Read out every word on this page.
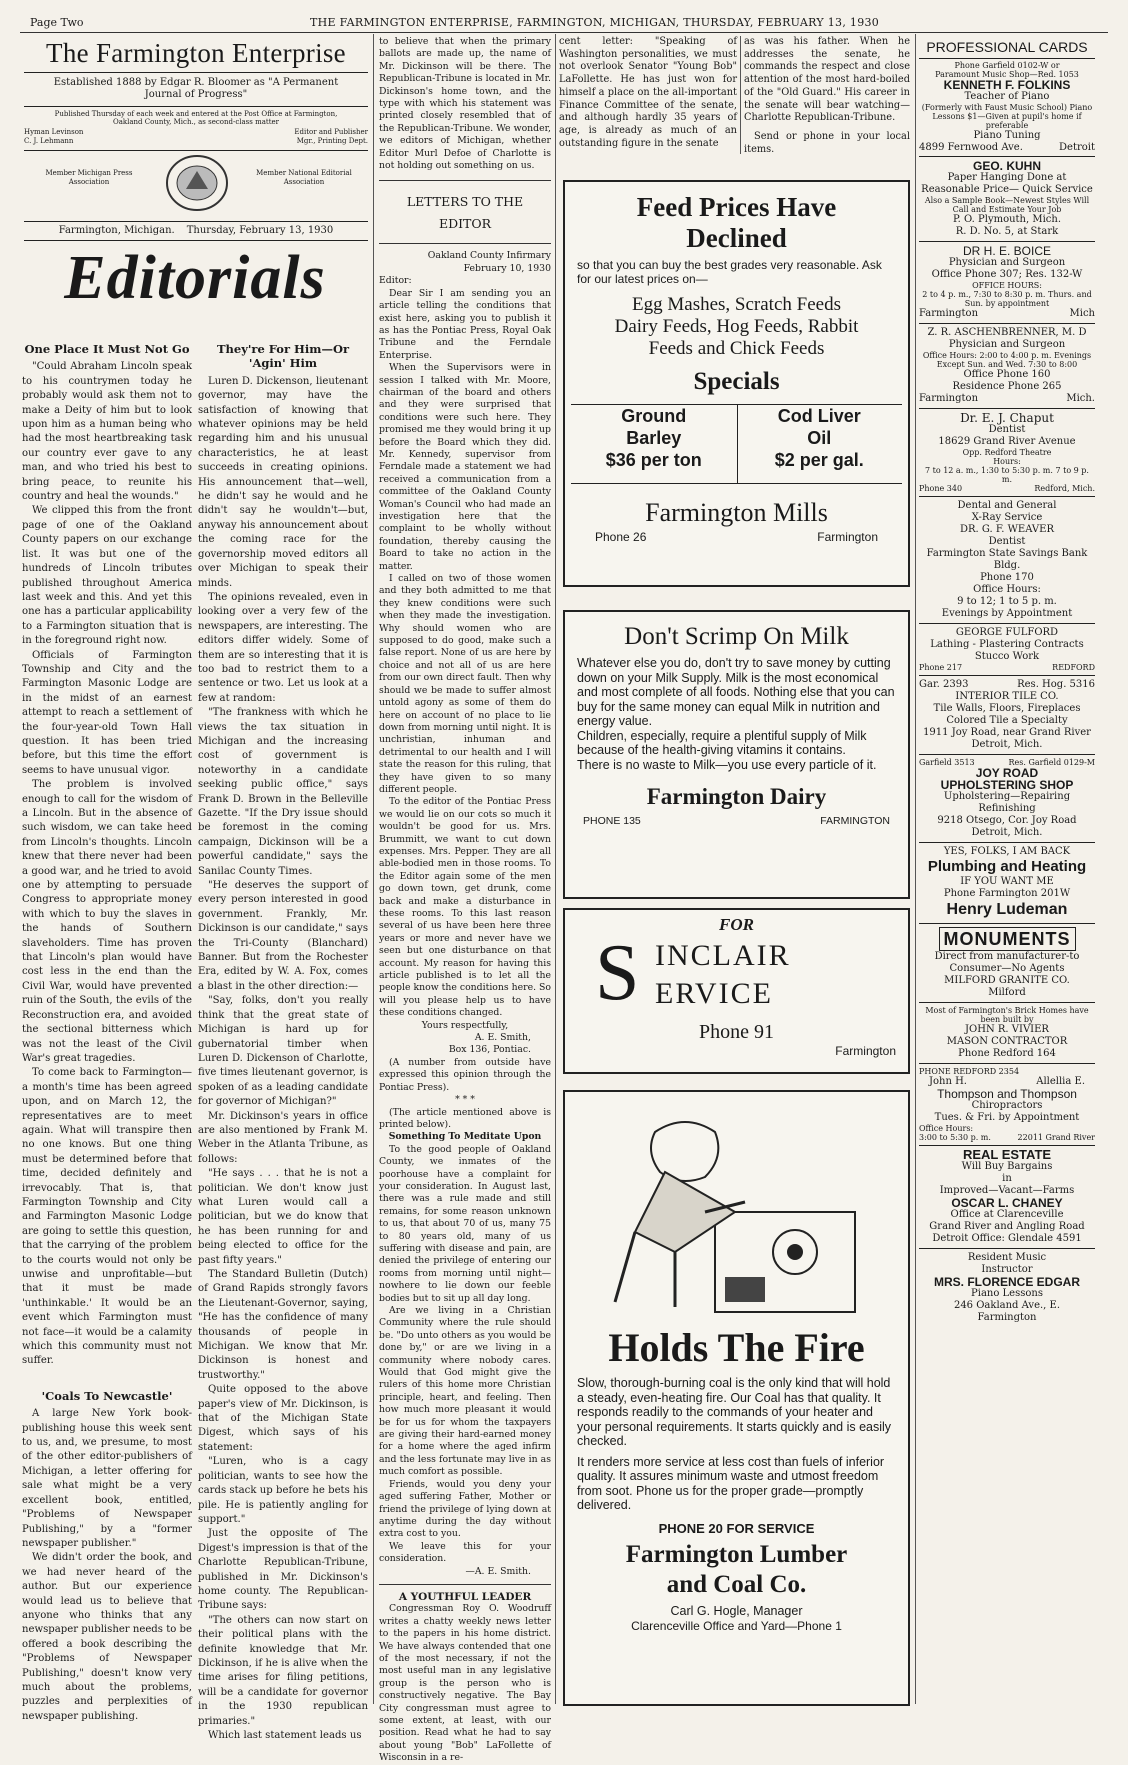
Page Two	THE FARMINGTON ENTERPRISE, FARMINGTON, MICHIGAN, THURSDAY, FEBRUARY 13, 1930
The Farmington Enterprise
Established 1888 by Edgar R. Bloomer as "A Permanent Journal of Progress"
Published Thursday of each week and entered at the Post Office at Farmington, Oakland County, Mich., as second-class matter
Hyman Levinson	Editor and Publisher
C. J. Lehmann	Mgr., Printing Dept.
Member Michigan Press Association
Member National Editorial Association
Farmington, Michigan. Thursday, February 13, 1930
Editorials
One Place It Must Not Go

"Could Abraham Lincoln speak to his countrymen today he probably would ask them not to make a Deity of him but to look upon him as a human being who had the most heartbreaking task our country ever gave to any man, and who tried his best to bring peace, to reunite his country and heal the wounds."

We clipped this from the front page of one of the Oakland County papers on our exchange list. It was but one of the hundreds of Lincoln tributes published throughout America last week and this. And yet this one has a particular applicability to a Farmington situation that is in the foreground right now.

Officials of Farmington Township and City and the Farmington Masonic Lodge are in the midst of an earnest attempt to reach a settlement of the four-year-old Town Hall question. It has been tried before, but this time the effort seems to have unusual vigor.

The problem is involved enough to call for the wisdom of a Lincoln. But in the absence of such wisdom, we can take heed from Lincoln's thoughts. Lincoln knew that there never had been a good war, and he tried to avoid one by attempting to persuade Congress to appropriate money with which to buy the slaves in the hands of Southern slaveholders. Time has proven that Lincoln's plan would have cost less in the end than the Civil War, would have prevented ruin of the South, the evils of the Reconstruction era, and avoided the sectional bitterness which was not the least of the Civil War's great tragedies.

To come back to Farmington—a month's time has been agreed upon, and on March 12, the representatives are to meet again. What will transpire then no one knows. But one thing must be determined before that time, decided definitely and irrevocably. That is, that Farmington Township and City and Farmington Masonic Lodge are going to settle this question, that the carrying of the problem to the courts would not only be unwise and unprofitable—but that it must be made 'unthinkable.' It would be an event which Farmington must not face—it would be a calamity which this community must not suffer.

'Coals To Newcastle'

A large New York book-publishing house this week sent to us, and, we presume, to most of the other editor-publishers of Michigan, a letter offering for sale what might be a very excellent book, entitled, "Problems of Newspaper Publishing," by a "former newspaper publisher."

We didn't order the book, and we had never heard of the author. But our experience would lead us to believe that anyone who thinks that any newspaper publisher needs to be offered a book describing the "Problems of Newspaper Publishing," doesn't know very much about the problems, puzzles and perplexities of newspaper publishing.

They're For Him—Or 'Agin' Him

Luren D. Dickenson, lieutenant governor, may have the satisfaction of knowing that whatever opinions may be held regarding him and his unusual characteristics, he at least succeeds in creating opinions. His announcement that—well, he didn't say he would and he didn't say he wouldn't—but, anyway his announcement about the coming race for the governorship moved editors all over Michigan to speak their minds.

The opinions revealed, even in looking over a very few of the newspapers, are interesting. The editors differ widely. Some of them are so interesting that it is too bad to restrict them to a sentence or two. Let us look at a few at random:

"The frankness with which he views the tax situation in Michigan and the increasing cost of government is noteworthy in a candidate seeking public office," says Frank D. Brown in the Belleville Gazette. "If the Dry issue should be foremost in the coming campaign, Dickinson will be a powerful candidate," says the Sanilac County Times.

"He deserves the support of every person interested in good government. Frankly, Mr. Dickinson is our candidate," says the Tri-County (Blanchard) Banner. But from the Rochester Era, edited by W. A. Fox, comes a blast in the other direction:—

"Say, folks, don't you really think that the great state of Michigan is hard up for gubernatorial timber when Luren D. Dickenson of Charlotte, five times lieutenant governor, is spoken of as a leading candidate for governor of Michigan?"

Mr. Dickinson's years in office are also mentioned by Frank M. Weber in the Atlanta Tribune, as follows:

"He says . . . that he is not a politician. We don't know just what Luren would call a politician, but we do know that he has been running for and being elected to office for the past fifty years."

The Standard Bulletin (Dutch) of Grand Rapids strongly favors the Lieutenant-Governor, saying, "He has the confidence of many thousands of people in Michigan. We know that Mr. Dickinson is honest and trustworthy."

Quite opposed to the above paper's view of Mr. Dickinson, is that of the Michigan State Digest, which says of his statement:

"Luren, who is a cagy politician, wants to see how the cards stack up before he bets his pile. He is patiently angling for support."

Just the opposite of The Digest's impression is that of the Charlotte Republican-Tribune, published in Mr. Dickinson's home county. The Republican-Tribune says:

"The others can now start on their political plans with the definite knowledge that Mr. Dickinson, if he is alive when the time arises for filing petitions, will be a candidate for governor in the 1930 republican primaries."

Which last statement leads us

to believe that when the primary ballots are made up, the name of Mr. Dickinson will be there. The Republican-Tribune is located in Mr. Dickinson's home town, and the type with which his statement was printed closely resembled that of the Republican-Tribune. We wonder, we editors of Michigan, whether Editor Murl Defoe of Charlotte is not holding out something on us.

LETTERS TO THE EDITOR
Oakland County Infirmary
February 10, 1930
Editor:

Dear Sir I am sending you an article telling the conditions that exist here, asking you to publish it as has the Pontiac Press, Royal Oak Tribune and the Ferndale Enterprise.

When the Supervisors were in session I talked with Mr. Moore, chairman of the board and others and they were surprised that conditions were such here. They promised me they would bring it up before the Board which they did. Mr. Kennedy, supervisor from Ferndale made a statement we had received a communication from a committee of the Oakland County Woman's Council who had made an investigation here that the complaint to be wholly without foundation, thereby causing the Board to take no action in the matter.

I called on two of those women and they both admitted to me that they knew conditions were such when they made the investigation. Why should women who are supposed to do good, make such a false report. None of us are here by choice and not all of us are here from our own direct fault. Then why should we be made to suffer almost untold agony as some of them do here on account of no place to lie down from morning until night. It is unchristian, inhuman and detrimental to our health and I will state the reason for this ruling, that they have given to so many different people.

To the editor of the Pontiac Press we would lie on our cots so much it wouldn't be good for us. Mrs. Brummitt, we want to cut down expenses. Mrs. Pepper. They are all able-bodied men in those rooms. To the Editor again some of the men go down town, get drunk, come back and make a disturbance in these rooms. To this last reason several of us have been here three years or more and never have we seen but one disturbance on that account. My reason for having this article published is to let all the people know the conditions here. So will you please help us to have these conditions changed.

Yours respectfully,
A. E. Smith,
Box 136, Pontiac.

(A number from outside have expressed this opinion through the Pontiac Press).

* * *

(The article mentioned above is printed below).

Something To Meditate Upon

To the good people of Oakland County, we inmates of the poorhouse have a complaint for your consideration. In August last, there was a rule made and still remains, for some reason unknown to us, that about 70 of us, many 75 to 80 years old, many of us suffering with disease and pain, are denied the privilege of entering our rooms from morning until night—nowhere to lie down our feeble bodies but to sit up all day long.

Are we living in a Christian Community where the rule should be. "Do unto others as you would be done by," or are we living in a community where nobody cares. Would that God might give the rulers of this home more Christian principle, heart, and feeling. Then how much more pleasant it would be for us for whom the taxpayers are giving their hard-earned money for a home where the aged infirm and the less fortunate may live in as much comfort as possible.

Friends, would you deny your aged suffering Father, Mother or friend the privilege of lying down at anytime during the day without extra cost to you.

We leave this for your consideration.

—A. E. Smith.
A YOUTHFUL LEADER

Congressman Roy O. Woodruff writes a chatty weekly news letter to the papers in his home district. We have always contended that one of the most necessary, if not the most useful man in any legislative group is the person who is constructively negative. The Bay City congressman must agree to some extent, at least, with our position. Read what he had to say about young "Bob" LaFollette of Wisconsin in a re-

cent letter: "Speaking of Washington personalities, we must not overlook Senator "Young Bob" LaFollette. He has just won for himself a place on the all-important Finance Committee of the senate, and although hardly 35 years of age, is already as much of an outstanding figure in the senate

as was his father. When he addresses the senate, he commands the respect and close attention of the most hard-boiled of the "Old Guard." His career in the senate will bear watching—Charlotte Republican-Tribune.

Send or phone in your local items.

Feed Prices Have
Declined
so that you can buy the best grades very reasonable. Ask for our latest prices on—
Egg Mashes, Scratch Feeds
Dairy Feeds, Hog Feeds, Rabbit
Feeds and Chick Feeds
Specials
Ground
Barley
$36 per ton
Cod Liver
Oil
$2 per gal.
Farmington Mills
Phone 26	Farmington
Don't Scrimp On Milk
Whatever else you do, don't try to save money by cutting down on your Milk Supply. Milk is the most economical and most complete of all foods. Nothing else that you can buy for the same money can equal Milk in nutrition and energy value.
Children, especially, require a plentiful supply of Milk because of the health-giving vitamins it contains.
There is no waste to Milk—you use every particle of it.
Farmington Dairy
PHONE 135	FARMINGTON
FOR
S INCLAIR
ERVICE
Phone 91
Farmington
Holds The Fire
Slow, thorough-burning coal is the only kind that will hold a steady, even-heating fire. Our Coal has that quality. It responds readily to the commands of your heater and your personal requirements. It starts quickly and is easily checked.
It renders more service at less cost than fuels of inferior quality. It assures minimum waste and utmost freedom from soot. Phone us for the proper grade—promptly delivered.
PHONE 20 FOR SERVICE
Farmington Lumber
and Coal Co.
Carl G. Hogle, Manager
Clarenceville Office and Yard—Phone 1
PROFESSIONAL CARDS
Phone Garfield 0102-W or
Paramount Music Shop—Red. 1053
KENNETH F. FOLKINS
Teacher of Piano
(Formerly with Faust Music School) Piano Lessons $1—Given at pupil's home if preferable
Piano Tuning
4899 Fernwood Ave.	Detroit
GEO. KUHN
Paper Hanging Done at Reasonable Price— Quick Service
Also a Sample Book—Newest Styles Will Call and Estimate Your Job
P. O. Plymouth, Mich.
R. D. No. 5, at Stark
DR H. E. BOICE
Physician and Surgeon
Office Phone 307; Res. 132-W
OFFICE HOURS:
2 to 4 p. m., 7:30 to 8:30 p. m. Thurs. and Sun. by appointment
Farmington	Mich
Z. R. ASCHENBRENNER, M. D
Physician and Surgeon
Office Hours: 2:00 to 4:00 p. m. Evenings Except Sun. and Wed. 7:30 to 8:00
Office Phone 160
Residence Phone 265
Farmington	Mich.
Dr. E. J. Chaput
Dentist
18629 Grand River Avenue
Opp. Redford Theatre
Hours:
7 to 12 a. m., 1:30 to 5:30 p. m. 7 to 9 p. m.
Phone 340	Redford, Mich.
Dental and General
X-Ray Service
DR. G. F. WEAVER
Dentist
Farmington State Savings Bank Bldg.
Phone 170
Office Hours:
9 to 12; 1 to 5 p. m.
Evenings by Appointment
GEORGE FULFORD
Lathing - Plastering Contracts
Stucco Work
Phone 217	REDFORD
Gar. 2393	Res. Hog. 5316
INTERIOR TILE CO.
Tile Walls, Floors, Fireplaces
Colored Tile a Specialty
1911 Joy Road, near Grand River
Detroit, Mich.
Garfield 3513	Res. Garfield 0129-M
JOY ROAD
UPHOLSTERING SHOP
Upholstering—Repairing
Refinishing
9218 Otsego, Cor. Joy Road
Detroit, Mich.
YES, FOLKS, I AM BACK
Plumbing and Heating
IF YOU WANT ME
Phone Farmington 201W
Henry Ludeman
MONUMENTS
Direct from manufacturer-to Consumer—No Agents
MILFORD GRANITE CO.
Milford
Most of Farmington's Brick Homes have been built by
JOHN R. VIVIER
MASON CONTRACTOR
Phone Redford 164
PHONE REDFORD 2354
John H.	Allellia E.
Thompson and Thompson
Chiropractors
Tues. & Fri. by Appointment
Office Hours:
3:00 to 5:30 p. m.	22011 Grand River
REAL ESTATE
Will Buy Bargains
in
Improved—Vacant—Farms
OSCAR L. CHANEY
Office at Clarenceville
Grand River and Angling Road
Detroit Office: Glendale 4591
Resident Music
Instructor
MRS. FLORENCE EDGAR
Piano Lessons
246 Oakland Ave., E.
Farmington
